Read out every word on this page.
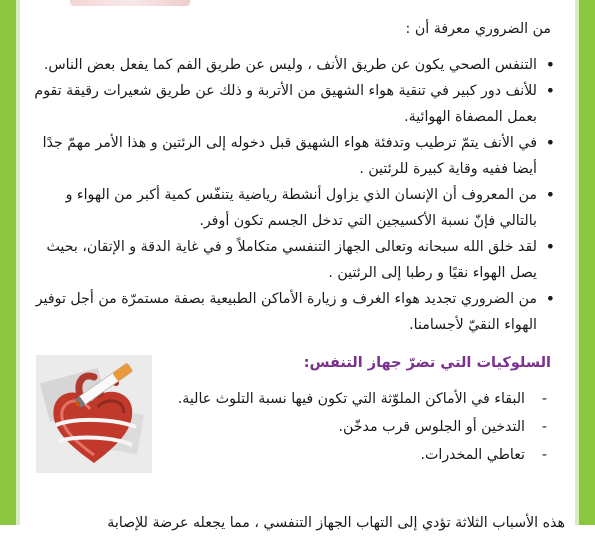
من الضروري معرفة أن :

• التنفس الصحي يكون عن طريق الأنف ، وليس عن طريق الفم كما يفعل بعض الناس.
• للأنف دور كبير في تنقية هواء الشهيق من الأتربة و ذلك عن طريق شعيرات رقيقة تقوم بعمل المصفاة الهوائية.
• في الأنف يتمّ ترطيب وتدفئة هواء الشهيق قبل دخوله إلى الرئتين و هذا الأمر مهمّ جدًا أيضا ففيه وقاية كبيرة للرئتين .
• من المعروف أن الإنسان الذي يزاول أنشطة رياضية يتنفّس كمية أكبر من الهواء و بالتالي فإنّ نسبة الأكسيجين التي تدخل الجسم تكون أوفر.
• لقد خلق الله سبحانه وتعالى الجهاز التنفسي متكاملاً و في غاية الدقة و الإتقان، بحيث يصل الهواء نقيًا و رطبا إلى الرئتين .
• من الضروري تجديد هواء الغرف و زيارة الأماكن الطبيعية بصفة مستمرّة من أجل توفير الهواء النقيّ لأجسامنا.
السلوكيات التي تضرّ جهاز التنفس:
- البقاء في الأماكن الملوّثة التي تكون فيها نسبة التلوث عالية.
- التدخين أو الجلوس قرب مدخّن.
- تعاطي المخدرات.
هذه الأسباب الثلاثة تؤدي إلى التهاب الجهاز التنفسي ، مما يجعله عرضة للإصابة
